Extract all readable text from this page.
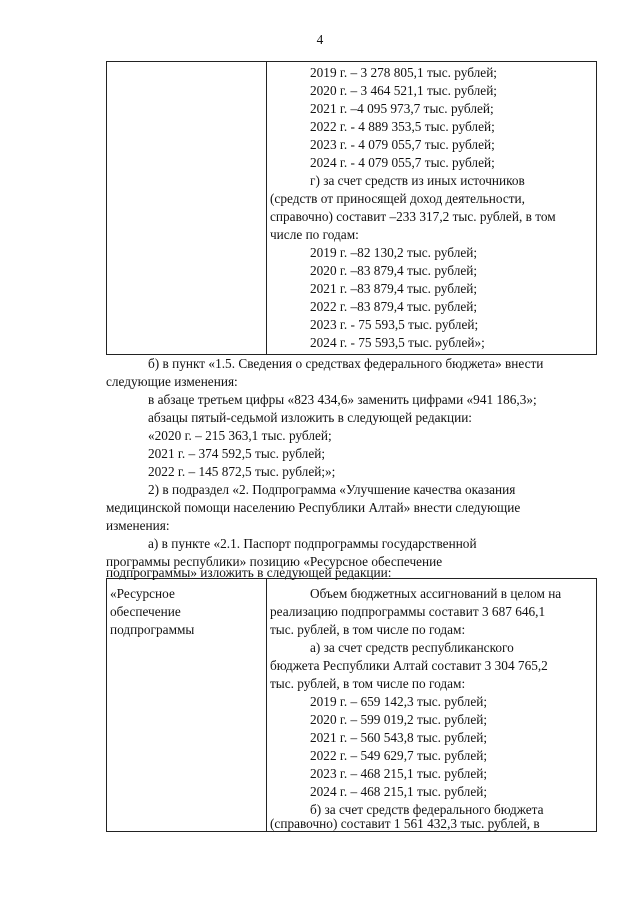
4
2019 г. – 3 278 805,1 тыс. рублей;
2020 г. – 3 464 521,1 тыс. рублей;
2021 г. –4 095 973,7 тыс. рублей;
2022 г. - 4 889 353,5 тыс. рублей;
2023 г. - 4 079 055,7 тыс. рублей;
2024 г. - 4 079 055,7 тыс. рублей;
г) за счет средств из иных источников
(средств от приносящей доход деятельности,
справочно) составит –233 317,2 тыс. рублей, в том
числе по годам:
2019 г. –82 130,2 тыс. рублей;
2020 г. –83 879,4 тыс. рублей;
2021 г. –83 879,4 тыс. рублей;
2022 г. –83 879,4 тыс. рублей;
2023 г. - 75 593,5 тыс. рублей;
2024 г. - 75 593,5 тыс. рублей»;
б) в пункт «1.5. Сведения о средствах федерального бюджета» внести
следующие изменения:
в абзаце третьем цифры «823 434,6» заменить цифрами «941 186,3»;
абзацы пятый-седьмой изложить в следующей редакции:
«2020 г. – 215 363,1 тыс. рублей;
2021 г. – 374 592,5 тыс. рублей;
2022 г. – 145 872,5 тыс. рублей;»;
2) в подраздел «2. Подпрограмма «Улучшение качества оказания
медицинской помощи населению Республики Алтай» внести следующие
изменения:
а) в пункте «2.1. Паспорт подпрограммы государственной
программы республики» позицию «Ресурсное обеспечение
подпрограммы» изложить в следующей редакции:
«Ресурсное
обеспечение
подпрограммы
Объем бюджетных ассигнований в целом на
реализацию подпрограммы составит 3 687 646,1
тыс. рублей, в том числе по годам:
а) за счет средств республиканского
бюджета Республики Алтай составит 3 304 765,2
тыс. рублей, в том числе по годам:
2019 г. – 659 142,3 тыс. рублей;
2020 г. – 599 019,2 тыс. рублей;
2021 г. – 560 543,8 тыс. рублей;
2022 г. – 549 629,7 тыс. рублей;
2023 г. – 468 215,1 тыс. рублей;
2024 г. – 468 215,1 тыс. рублей;
б) за счет средств федерального бюджета
(справочно) составит 1 561 432,3 тыс. рублей, в
